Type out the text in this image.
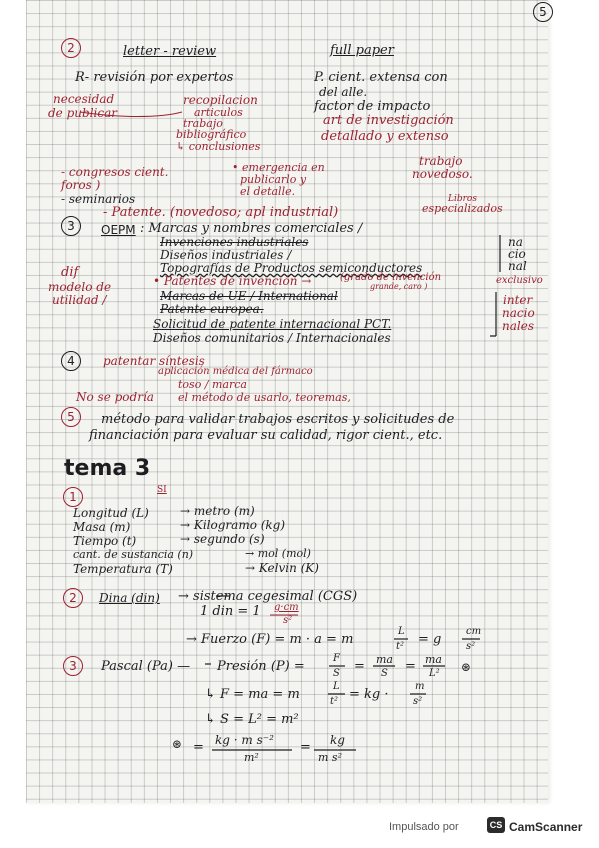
5
2	letter - review	full paper
R- revisión por expertos	P. cient. extensa con
del alle.
factor de impacto
necesidad
de publicar
recopilacion
articulos
trabajo
bibliográfico
↳ conclusiones
art de investigación
detallado y extenso
- congresos cient.
foros )
- seminarios
• emergencia en
publicarlo y
el detalle.
trabajo
novedoso.
- Patente. (novedoso; apl industrial)
Libros
especializados
3 OEPM : Marcas y nombres comerciales /
Invenciones industriales
Diseños industriales /
Topografías de Productos semiconductores
• Patentes de invención →	(grado de invención
grande, caro )
exclusivo
Marcas de UE / International
Patente europea.
Solicitud de patente internacional PCT.
Diseños comunitarios / Internacionales
dif
modelo de
utilidad /
na
cio
nal
inter
nacio
nales
4 patentar síntesis
aplicación médica del fármaco
toso / marca
No se podría el método de usarlo, teoremas,
5 método para validar trabajos escritos y solicitudes de
financiación para evaluar su calidad, rigor cient., etc.
tema 3
1	SI
Longitud (L)	→ metro (m)
Masa (m)	→ Kilogramo (kg)
Tiempo (t)	→ segundo (s)
cant. de sustancia (n)	→ mol (mol)
Temperatura (T)	→ Kelvin (K)
2 Dina (din) → sistema cegesimal (CGS)
1 din = 1 g·cm
s²
→ Fuerzo (F) = m · a = m
L
t² = g
cm
s²
3 Pascal (Pa) — Presión (P) =
F
S = ma
S = ma
L² ⊛
↳ F = ma = m
L
t² = kg ·
m
s²
↳ S = L² = m²
⊛ = kg · m s⁻²
m²
= kg
m s²
Impulsado por	CS CamScanner
